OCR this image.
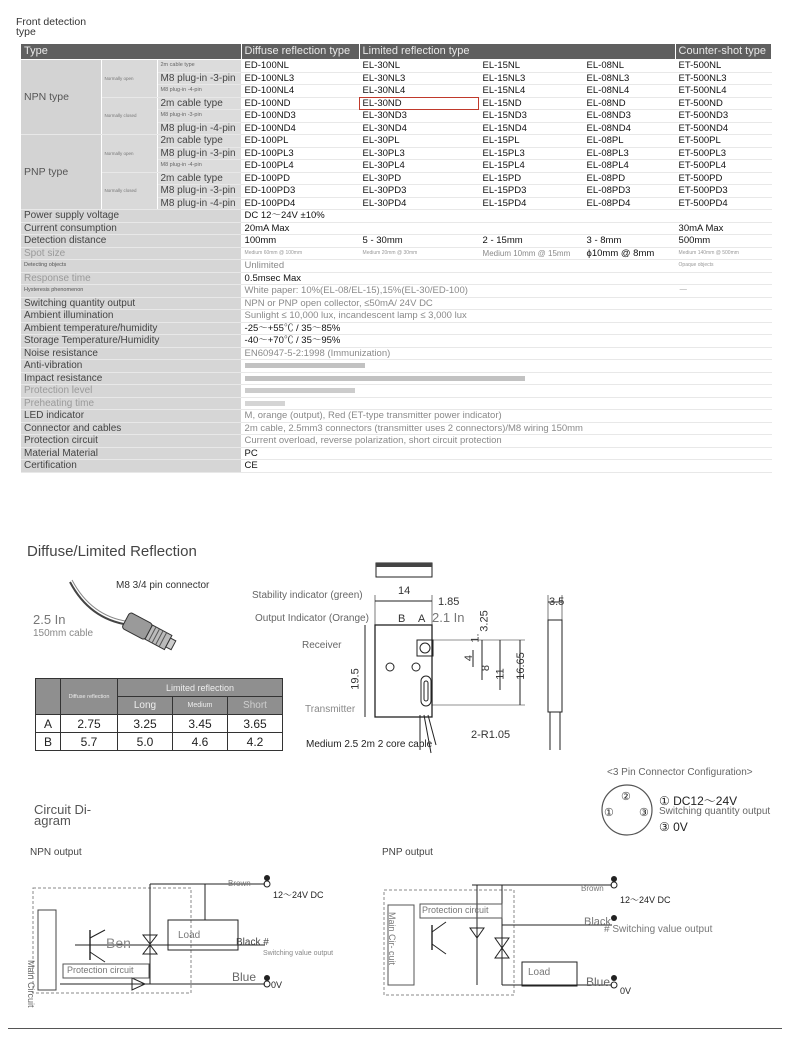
Front detection
type
Type			Diffuse reflection type	Limited reflection type			Counter-shot type
NPN type	Normally open	2m cable type	ED-100NL	EL-30NL	EL-15NL	EL-08NL	ET-500NL
		M8 plug-in -3-pin	ED-100NL3	EL-30NL3	EL-15NL3	EL-08NL3	ET-500NL3
		M8 plug-in -4-pin	ED-100NL4	EL-30NL4	EL-15NL4	EL-08NL4	ET-500NL4
	Normally closed	2m cable type	ED-100ND	EL-30ND	EL-15ND	EL-08ND	ET-500ND
		M8 plug-in -3-pin	ED-100ND3	EL-30ND3	EL-15ND3	EL-08ND3	ET-500ND3
		M8 plug-in -4-pin	ED-100ND4	EL-30ND4	EL-15ND4	EL-08ND4	ET-500ND4
PNP type	Normally open	2m cable type	ED-100PL	EL-30PL	EL-15PL	EL-08PL	ET-500PL
		M8 plug-in -3-pin	ED-100PL3	EL-30PL3	EL-15PL3	EL-08PL3	ET-500PL3
		M8 plug-in -4-pin	ED-100PL4	EL-30PL4	EL-15PL4	EL-08PL4	ET-500PL4
	Normally closed	2m cable type	ED-100PD	EL-30PD	EL-15PD	EL-08PD	ET-500PD
		M8 plug-in -3-pin	ED-100PD3	EL-30PD3	EL-15PD3	EL-08PD3	ET-500PD3
		M8 plug-in -4-pin	ED-100PD4	EL-30PD4	EL-15PD4	EL-08PD4	ET-500PD4
Power supply voltage			DC 12～24V ±10%				
Current consumption			20mA Max				30mA Max
Detection distance			100mm	5 - 30mm	2 - 15mm	3 - 8mm	500mm
Spot size			Medium 60mm @ 100mm	Medium 20mm @ 30mm	Medium 10mm @ 15mm	ϕ10mm @ 8mm	Medium 140mm @ 500mm
Detecting objects			Unlimited				Opaque objects
Response time			0.5msec Max				
Hysteresis phenomenon			White paper: 10%(EL-08/EL-15),15%(EL-30/ED-100)				－
Switching quantity output			NPN or PNP open collector, ≤50mA/ 24V DC				
Ambient illumination			Sunlight ≤ 10,000 lux, incandescent lamp ≤ 3,000 lux				
Ambient temperature/humidity			-25～+55℃ / 35～85%				
Storage Temperature/Humidity			-40～+70℃ / 35～95%				
Noise resistance			EN60947-5-2:1998 (Immunization)				
Anti-vibration							
Impact resistance							
Protection level							
Preheating time							
LED indicator			M, orange (output), Red (ET-type transmitter power indicator)				
Connector and cables			2m cable, 2.5mm3 connectors (transmitter uses 2 connectors)/M8 wiring 150mm				
Protection circuit			Current overload, reverse polarization, short circuit protection				
Material Material			PC				
Certification			CE				
Diffuse/Limited Reflection
M8 3/4 pin connector
2.5 In
150mm cable
	Diffuse reflection	Limited reflection		
		Long	Medium	Short
A	2.75	3.25	3.45	3.65
B	5.7	5.0	4.6	4.2
Stability indicator (green)
Output Indicator (Orange)
Receiver
Transmitter
Medium 2.5 2m 2 core cable
14
1.85
B A 2.1 In
1.
3.25
4
8
11 16.65
19.5
2-R1.05
3.5
<3 Pin Connector Configuration>
②
① ③
① DC12～24V
Switching quantity output
③ 0V
Circuit Di-
agram
NPN output	PNP output
Brown
12～24V DC
Black #
Switching value output
Blue
0V
Load
Ben
Protection circuit
Main Circuit
Brown
12～24V DC
Black
# Switching value output
Blue
0V
Load
Protection circuit
Main Cir- cuit
